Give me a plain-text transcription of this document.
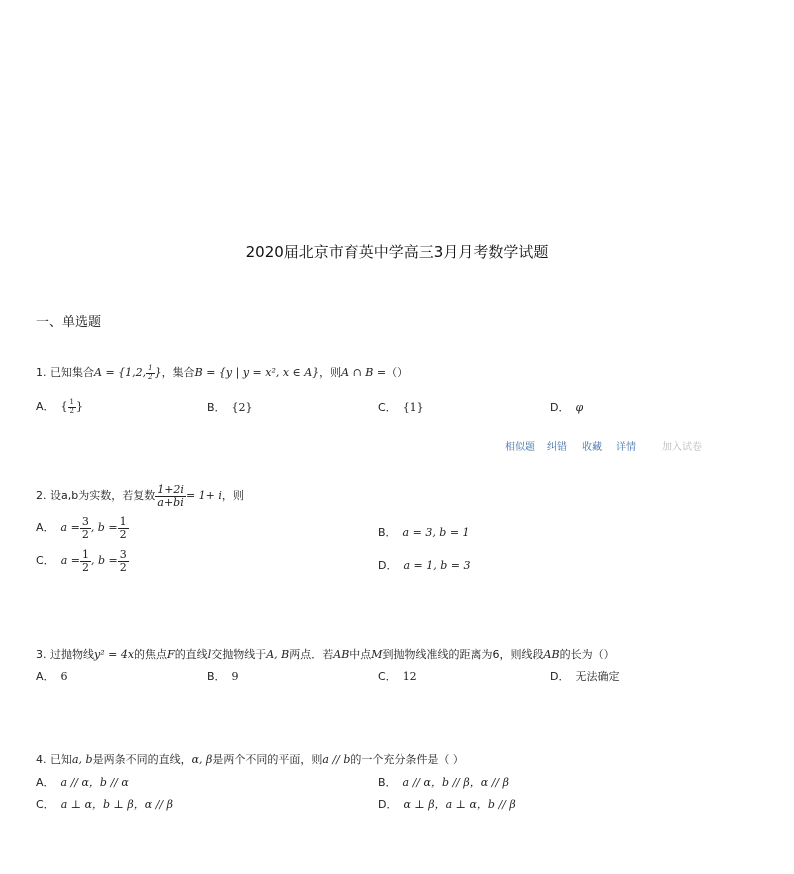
2020届北京市育英中学高三3月月考数学试题
一、单选题
1. 已知集合A = {1,2, $\frac{1}{2}$ }，集合B = {y | y = x², x ∈ A}，则A ∩ B =（）
A． { $\frac{1}{2}$ }	B． {2}	C． {1}	D． φ
相似题 纠错 收藏 详情	加入试卷
2. 设a,b为实数，若复数 $\frac{1+2i}{a+bi} = 1+ i$，则
A． $a = \frac{3}{2}$ , $b = \frac{1}{2}$	B． a = 3, b = 1
C． $a = \frac{1}{2}$ , $b = \frac{3}{2}$	D． a = 1, b = 3
3. 过抛物线y² = 4x的焦点F的直线l交抛物线于A, B两点．若AB中点M到抛物线准线的距离为6，则线段AB的长为（）
A． 6	B． 9	C． 12	D． 无法确定
4. 已知a, b是两条不同的直线，α, β是两个不同的平面，则a // b的一个充分条件是（ ）
A． a // α，b // α	B． a // α，b // β，α // β
C． a ⊥ α，b ⊥ β，α // β	D． α ⊥ β，a ⊥ α，b // β
